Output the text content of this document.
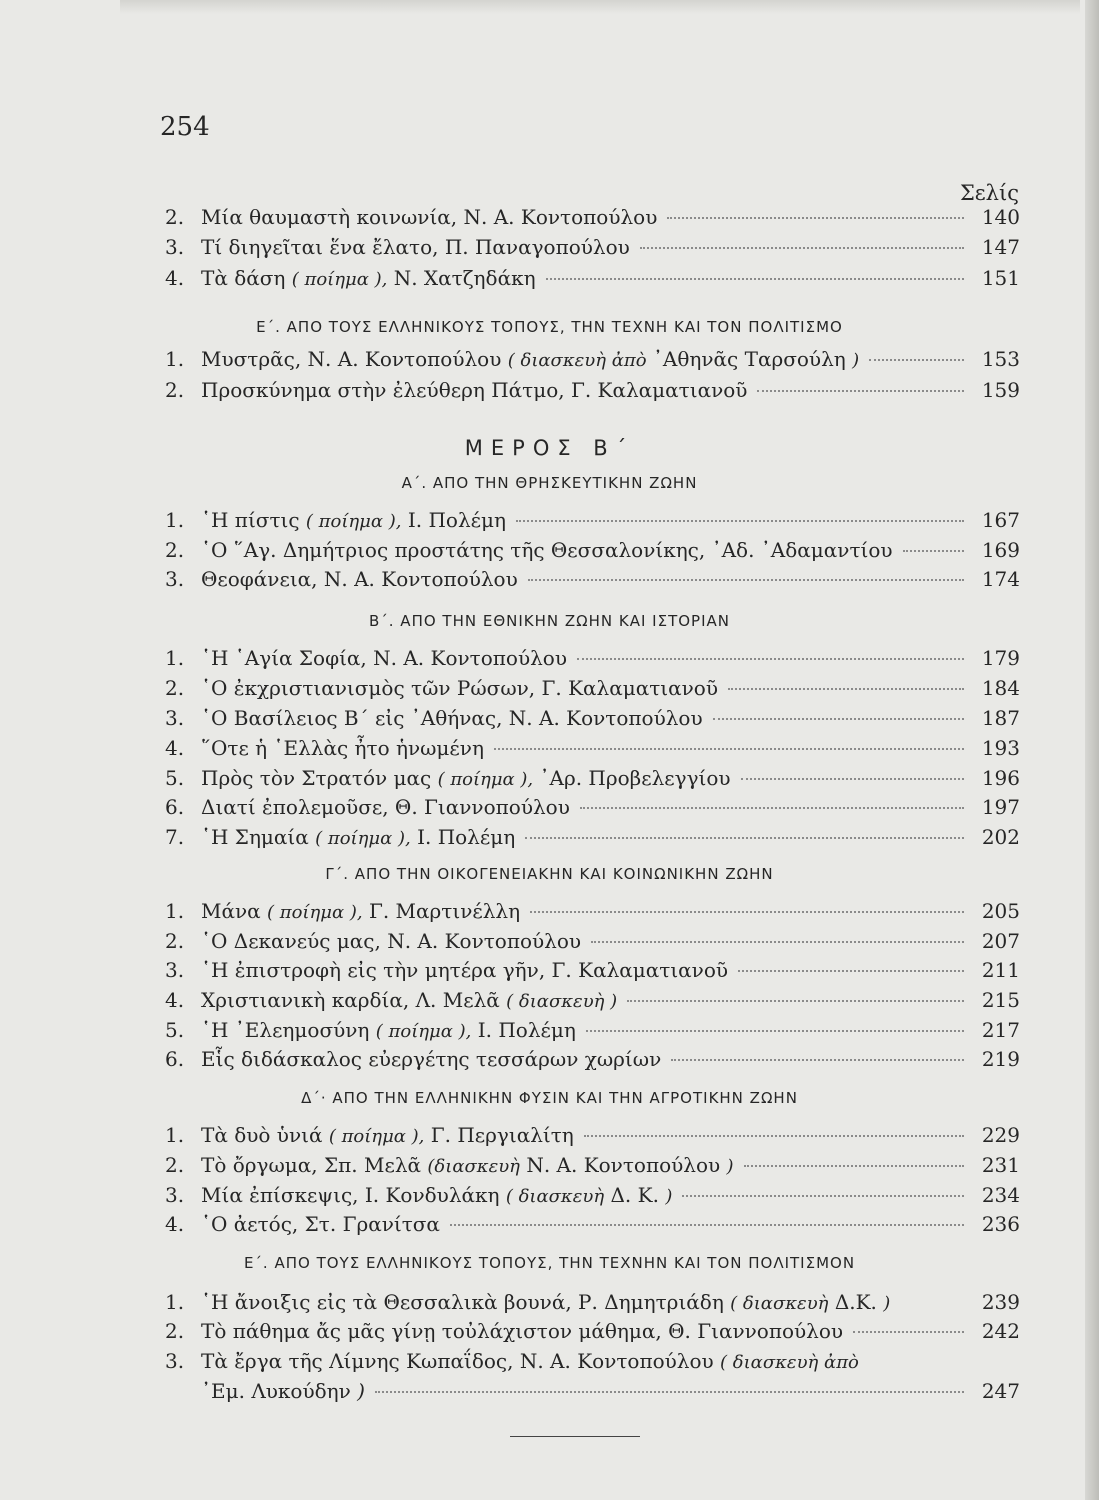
254
Σελίς
2. Μία θαυμαστὴ κοινωνία, Ν. Α. Κοντοπούλου	140
3. Τί διηγεῖται ἕνα ἔλατο, Π. Παναγοπούλου	147
4. Τὰ δάση ( ποίημα ), Ν. Χατζηδάκη	151
Ε΄. ΑΠΟ ΤΟΥΣ ΕΛΛΗΝΙΚΟΥΣ ΤΟΠΟΥΣ, ΤΗΝ ΤΕΧΝΗ ΚΑΙ ΤΟΝ ΠΟΛΙΤΙΣΜΟ
1. Μυστρᾶς, Ν. Α. Κοντοπούλου ( διασκευὴ ἀπὸ ᾽Αθηνᾶς Ταρσούλη )	153
2. Προσκύνημα στὴν ἐλεύθερη Πάτμο, Γ. Καλαματιανοῦ	159
ΜΕΡΟΣ Β΄
Α΄. ΑΠΟ ΤΗΝ ΘΡΗΣΚΕΥΤΙΚΗΝ ΖΩΗΝ
1. ῾Η πίστις ( ποίημα ), Ι. Πολέμη	167
2. ῾Ο ῞Αγ. Δημήτριος προστάτης τῆς Θεσσαλονίκης, ᾽Αδ. ᾽Αδαμαντίου	169
3. Θεοφάνεια, Ν. Α. Κοντοπούλου	174
Β΄. ΑΠΟ ΤΗΝ ΕΘΝΙΚΗΝ ΖΩΗΝ ΚΑΙ ΙΣΤΟΡΙΑΝ
1. ῾Η ῾Αγία Σοφία, Ν. Α. Κοντοπούλου	179
2. ῾Ο ἐκχριστιανισμὸς τῶν Ρώσων, Γ. Καλαματιανοῦ	184
3. ῾Ο Βασίλειος Β΄ εἰς ᾽Αθήνας, Ν. Α. Κοντοπούλου	187
4. ῞Οτε ἡ ῾Ελλὰς ἦτο ἡνωμένη	193
5. Πρὸς τὸν Στρατόν μας ( ποίημα ), ᾽Αρ. Προβελεγγίου	196
6. Διατί ἐπολεμοῦσε, Θ. Γιαννοπούλου	197
7. ῾Η Σημαία ( ποίημα ), Ι. Πολέμη	202
Γ΄. ΑΠΟ ΤΗΝ ΟΙΚΟΓΕΝΕΙΑΚΗΝ ΚΑΙ ΚΟΙΝΩΝΙΚΗΝ ΖΩΗΝ
1. Μάνα ( ποίημα ), Γ. Μαρτινέλλη	205
2. ῾Ο Δεκανεύς μας, Ν. Α. Κοντοπούλου	207
3. ῾Η ἐπιστροφὴ εἰς τὴν μητέρα γῆν, Γ. Καλαματιανοῦ	211
4. Χριστιανικὴ καρδία, Λ. Μελᾶ ( διασκευὴ )	215
5. ῾Η ᾽Ελεημοσύνη ( ποίημα ), Ι. Πολέμη	217
6. Εἷς διδάσκαλος εὐεργέτης τεσσάρων χωρίων	219
Δ΄· ΑΠΟ ΤΗΝ ΕΛΛΗΝΙΚΗΝ ΦΥΣΙΝ ΚΑΙ ΤΗΝ ΑΓΡΟΤΙΚΗΝ ΖΩΗΝ
1. Τὰ δυὸ ὑνιά ( ποίημα ), Γ. Περγιαλίτη	229
2. Τὸ ὄργωμα, Σπ. Μελᾶ (διασκευὴ Ν. Α. Κοντοπούλου )	231
3. Μία ἐπίσκεψις, Ι. Κονδυλάκη ( διασκευὴ Δ. Κ. )	234
4. ῾Ο ἀετός, Στ. Γρανίτσα	236
Ε΄. ΑΠΟ ΤΟΥΣ ΕΛΛΗΝΙΚΟΥΣ ΤΟΠΟΥΣ, ΤΗΝ ΤΕΧΝΗΝ ΚΑΙ ΤΟΝ ΠΟΛΙΤΙΣΜΟΝ
1. ῾Η ἄνοιξις εἰς τὰ Θεσσαλικὰ βουνά, Ρ. Δημητριάδη ( διασκευὴ Δ.Κ. )	239
2. Τὸ πάθημα ἄς μᾶς γίνῃ τοὐλάχιστον μάθημα, Θ. Γιαννοπούλου	242
3. Τὰ ἔργα τῆς Λίμνης Κωπαΐδος, Ν. Α. Κοντοπούλου ( διασκευὴ ἀπὸ
᾽Εμ. Λυκούδην )	247
